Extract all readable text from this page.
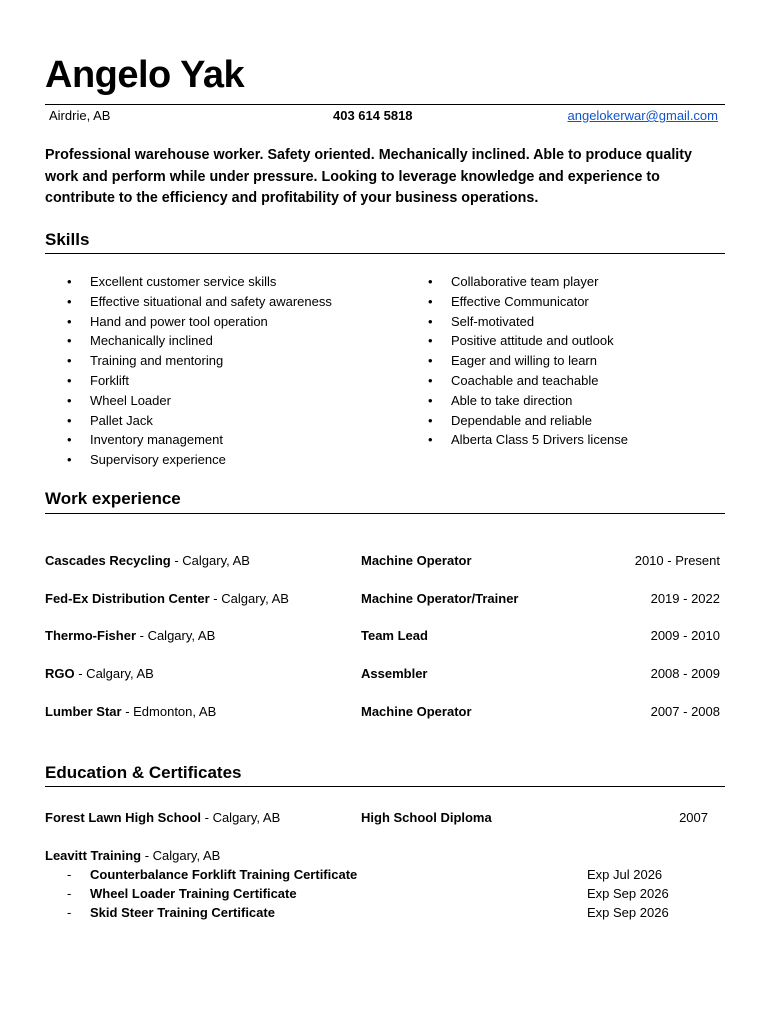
Angelo Yak
Airdrie, AB	403 614 5818	angelokerwar@gmail.com
Professional warehouse worker. Safety oriented. Mechanically inclined. Able to produce quality work and perform while under pressure. Looking to leverage knowledge and experience to contribute to the efficiency and profitability of your business operations.
Skills
• Excellent customer service skills
• Effective situational and safety awareness
• Hand and power tool operation
• Mechanically inclined
• Training and mentoring
• Forklift
• Wheel Loader
• Pallet Jack
• Inventory management
• Supervisory experience
• Collaborative team player
• Effective Communicator
• Self-motivated
• Positive attitude and outlook
• Eager and willing to learn
• Coachable and teachable
• Able to take direction
• Dependable and reliable
• Alberta Class 5 Drivers license
Work experience
Cascades Recycling - Calgary, AB	Machine Operator	2010 - Present
Fed-Ex Distribution Center - Calgary, AB	Machine Operator/Trainer	2019 - 2022
Thermo-Fisher - Calgary, AB	Team Lead	2009 - 2010
RGO - Calgary, AB	Assembler	2008 - 2009
Lumber Star - Edmonton, AB	Machine Operator	2007 - 2008
Education & Certificates
Forest Lawn High School - Calgary, AB	High School Diploma	2007
Leavitt Training - Calgary, AB
- Counterbalance Forklift Training Certificate	Exp Jul 2026
- Wheel Loader Training Certificate	Exp Sep 2026
- Skid Steer Training Certificate	Exp Sep 2026
